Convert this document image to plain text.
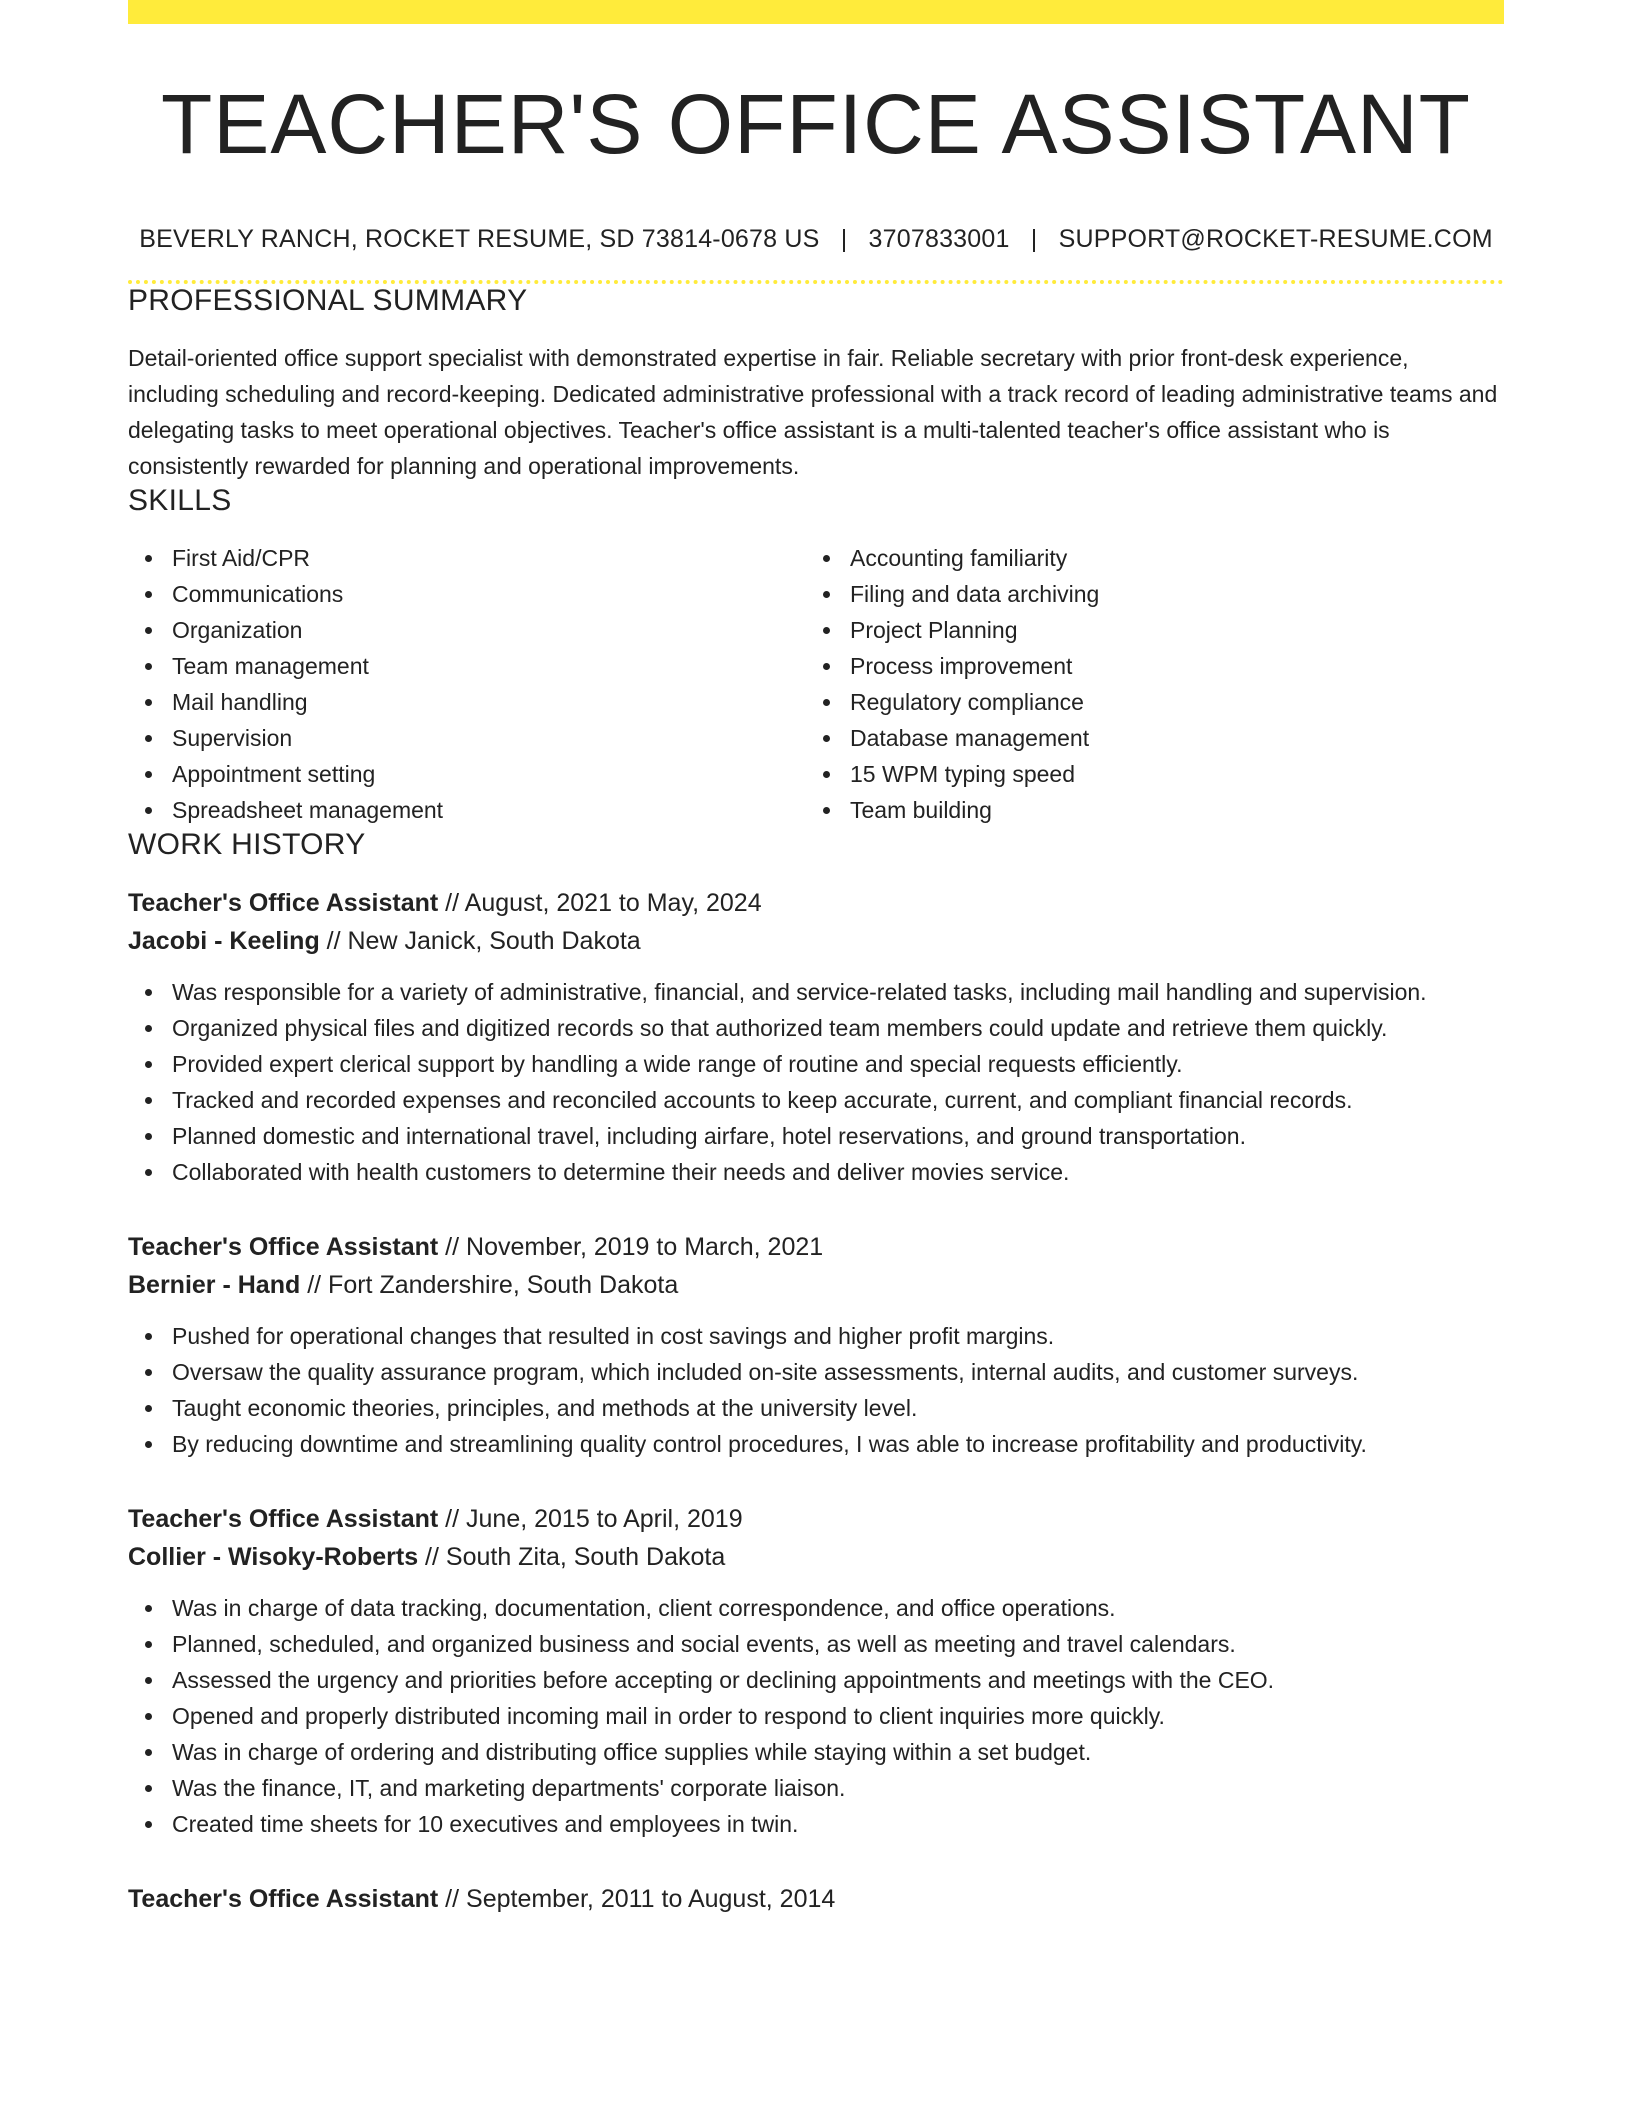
TEACHER'S OFFICE ASSISTANT
BEVERLY RANCH, ROCKET RESUME, SD 73814-0678 US | 3707833001 | SUPPORT@ROCKET-RESUME.COM
PROFESSIONAL SUMMARY

Detail-oriented office support specialist with demonstrated expertise in fair. Reliable secretary with prior front-desk experience, including scheduling and record-keeping. Dedicated administrative professional with a track record of leading administrative teams and delegating tasks to meet operational objectives. Teacher's office assistant is a multi-talented teacher's office assistant who is consistently rewarded for planning and operational improvements.

SKILLS
First Aid/CPR
Communications
Organization
Team management
Mail handling
Supervision
Appointment setting
Spreadsheet management
Accounting familiarity
Filing and data archiving
Project Planning
Process improvement
Regulatory compliance
Database management
15 WPM typing speed
Team building
WORK HISTORY
Teacher's Office Assistant // August, 2021 to May, 2024
Jacobi - Keeling // New Janick, South Dakota
Was responsible for a variety of administrative, financial, and service-related tasks, including mail handling and supervision.
Organized physical files and digitized records so that authorized team members could update and retrieve them quickly.
Provided expert clerical support by handling a wide range of routine and special requests efficiently.
Tracked and recorded expenses and reconciled accounts to keep accurate, current, and compliant financial records.
Planned domestic and international travel, including airfare, hotel reservations, and ground transportation.
Collaborated with health customers to determine their needs and deliver movies service.
Teacher's Office Assistant // November, 2019 to March, 2021
Bernier - Hand // Fort Zandershire, South Dakota
Pushed for operational changes that resulted in cost savings and higher profit margins.
Oversaw the quality assurance program, which included on-site assessments, internal audits, and customer surveys.
Taught economic theories, principles, and methods at the university level.
By reducing downtime and streamlining quality control procedures, I was able to increase profitability and productivity.
Teacher's Office Assistant // June, 2015 to April, 2019
Collier - Wisoky-Roberts // South Zita, South Dakota
Was in charge of data tracking, documentation, client correspondence, and office operations.
Planned, scheduled, and organized business and social events, as well as meeting and travel calendars.
Assessed the urgency and priorities before accepting or declining appointments and meetings with the CEO.
Opened and properly distributed incoming mail in order to respond to client inquiries more quickly.
Was in charge of ordering and distributing office supplies while staying within a set budget.
Was the finance, IT, and marketing departments' corporate liaison.
Created time sheets for 10 executives and employees in twin.
Teacher's Office Assistant // September, 2011 to August, 2014
